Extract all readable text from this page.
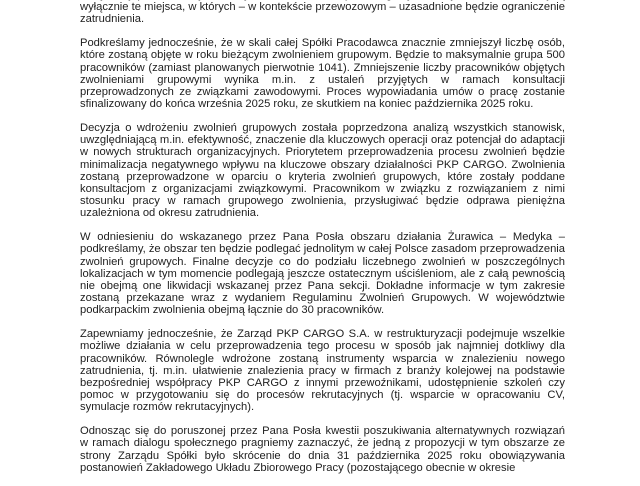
wyłącznie te miejsca, w których – w kontekście przewozowym – uzasadnione będzie ograniczenie
zatrudnienia.

Podkreślamy jednocześnie, że w skali całej Spółki Pracodawca znacznie zmniejszył liczbę osób,
które zostaną objęte w roku bieżącym zwolnieniem grupowym. Będzie to maksymalnie grupa 500
pracowników (zamiast planowanych pierwotnie 1041). Zmniejszenie liczby pracowników objętych
zwolnieniami grupowymi wynika m.in. z ustaleń przyjętych w ramach konsultacji
przeprowadzonych ze związkami zawodowymi. Proces wypowiadania umów o pracę zostanie
sfinalizowany do końca września 2025 roku, ze skutkiem na koniec października 2025 roku.

Decyzja o wdrożeniu zwolnień grupowych została poprzedzona analizą wszystkich stanowisk,
uwzględniającą m.in. efektywność, znaczenie dla kluczowych operacji oraz potencjał do adaptacji
w nowych strukturach organizacyjnych. Priorytetem przeprowadzenia procesu zwolnień będzie
minimalizacja negatywnego wpływu na kluczowe obszary działalności PKP CARGO. Zwolnienia
zostaną przeprowadzone w oparciu o kryteria zwolnień grupowych, które zostały poddane
konsultacjom z organizacjami związkowymi. Pracownikom w związku z rozwiązaniem z nimi
stosunku pracy w ramach grupowego zwolnienia, przysługiwać będzie odprawa pieniężna
uzależniona od okresu zatrudnienia.

W odniesieniu do wskazanego przez Pana Posła obszaru działania Żurawica – Medyka –
podkreślamy, że obszar ten będzie podlegać jednolitym w całej Polsce zasadom przeprowadzenia
zwolnień grupowych. Finalne decyzje co do podziału liczebnego zwolnień w poszczególnych
lokalizacjach w tym momencie podlegają jeszcze ostatecznym uściśleniom, ale z całą pewnością
nie obejmą one likwidacji wskazanej przez Pana sekcji. Dokładne informacje w tym zakresie
zostaną przekazane wraz z wydaniem Regulaminu Zwolnień Grupowych. W województwie
podkarpackim zwolnienia obejmą łącznie do 30 pracowników.

Zapewniamy jednocześnie, że Zarząd PKP CARGO S.A. w restrukturyzacji podejmuje wszelkie
możliwe działania w celu przeprowadzenia tego procesu w sposób jak najmniej dotkliwy dla
pracowników. Równolegle wdrożone zostaną instrumenty wsparcia w znalezieniu nowego
zatrudnienia, tj. m.in. ułatwienie znalezienia pracy w firmach z branży kolejowej na podstawie
bezpośredniej współpracy PKP CARGO z innymi przewoźnikami, udostępnienie szkoleń czy
pomoc w przygotowaniu się do procesów rekrutacyjnych (tj. wsparcie w opracowaniu CV,
symulacje rozmów rekrutacyjnych).

Odnosząc się do poruszonej przez Pana Posła kwestii poszukiwania alternatywnych rozwiązań
w ramach dialogu społecznego pragniemy zaznaczyć, że jedną z propozycji w tym obszarze ze
strony Zarządu Spółki było skrócenie do dnia 31 października 2025 roku obowiązywania
postanowień Zakładowego Układu Zbiorowego Pracy (pozostającego obecnie w okresie
